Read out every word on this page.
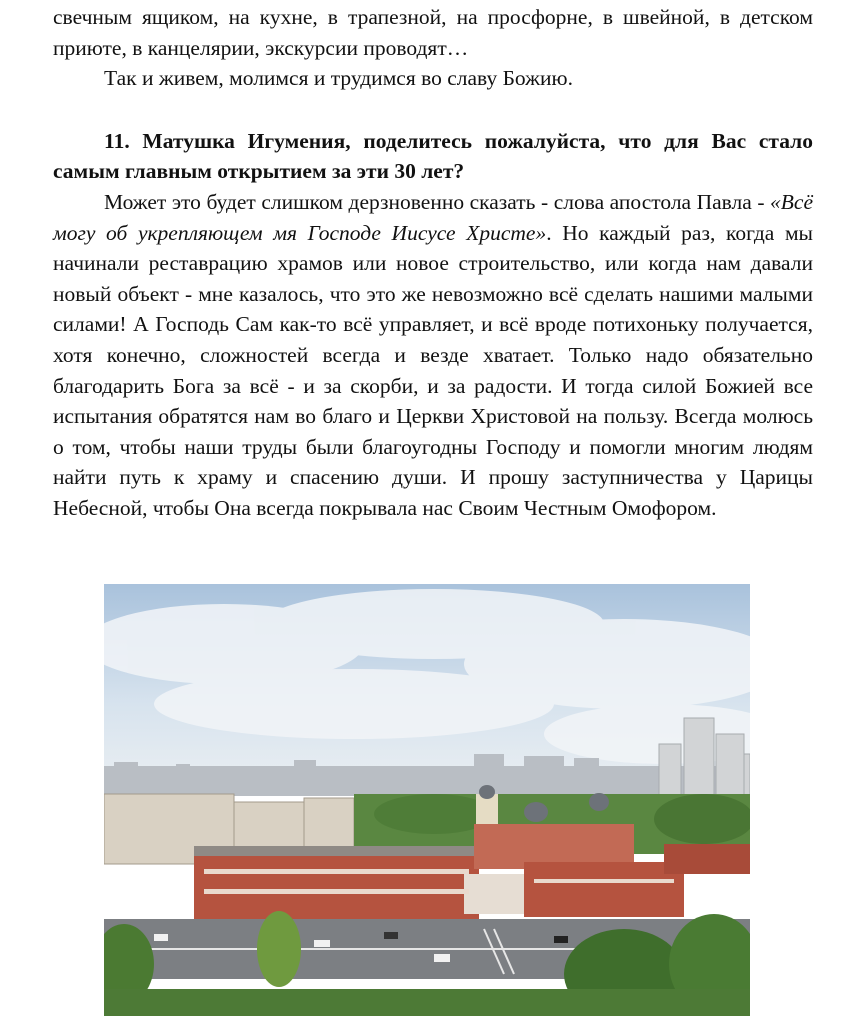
свечным ящиком, на кухне, в трапезной, на просфорне, в швейной, в детском приюте, в канцелярии, экскурсии проводят…

Так и живем, молимся и трудимся во славу Божию.

11. Матушка Игумения, поделитесь пожалуйста, что для Вас стало самым главным открытием за эти 30 лет?

Может это будет слишком дерзновенно сказать - слова апостола Павла - «Всё могу об укрепляющем мя Господе Иисусе Христе». Но каждый раз, когда мы начинали реставрацию храмов или новое строительство, или когда нам давали новый объект - мне казалось, что это же невозможно всё сделать нашими малыми силами! А Господь Сам как-то всё управляет, и всё вроде потихоньку получается, хотя конечно, сложностей всегда и везде хватает. Только надо обязательно благодарить Бога за всё - и за скорби, и за радости. И тогда силой Божией все испытания обратятся нам во благо и Церкви Христовой на пользу. Всегда молюсь о том, чтобы наши труды были благоугодны Господу и помогли многим людям найти путь к храму и спасению души. И прошу заступничества у Царицы Небесной, чтобы Она всегда покрывала нас Своим Честным Омофором.
